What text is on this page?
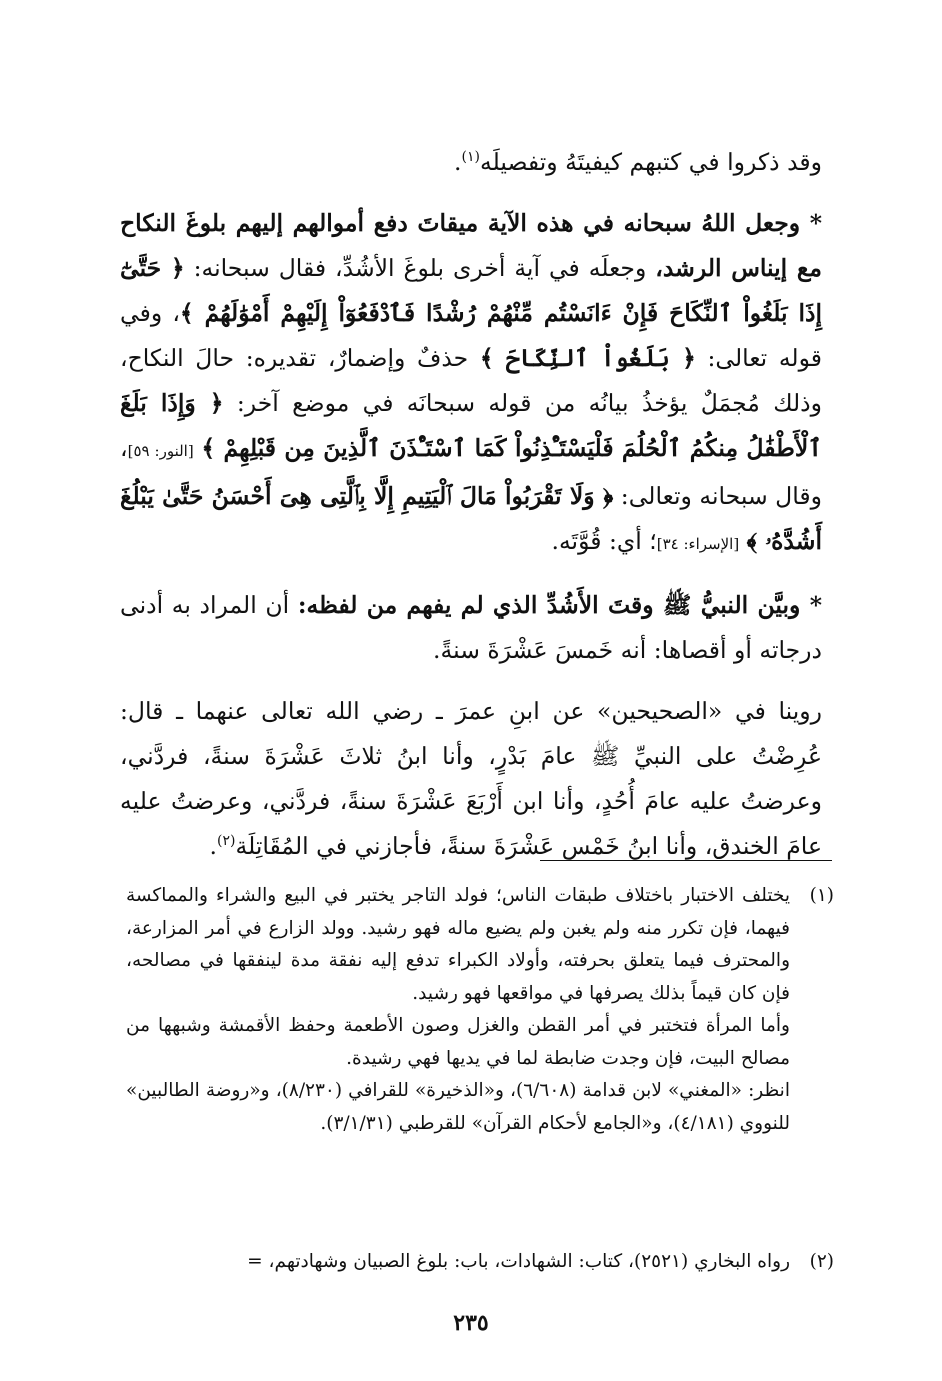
وقد ذكروا في كتبهم كيفيتَهُ وتفصيلَه$^{(١)}$.

* وجعل اللهُ سبحانه في هذه الآية ميقاتَ دفع أموالهم إليهم بلوغَ النكاح مع إيناس الرشد، وجعلَه في آية أخرى بلوغَ الأشُدِّ، فقال سبحانه: ﴿ حَتَّىٰٓ إِذَا بَلَغُواْ ٱلنِّكَاحَ فَإِنْ ءَانَسْتُم مِّنْهُمْ رُشْدًا فَٱدْفَعُوٓاْ إِلَيْهِمْ أَمْوَٰلَهُمْ ﴾، وفي قوله تعالى: ﴿ بَلَغُواْ ٱلنِّكَاحَ ﴾ حذفٌ وإضمارٌ، تقديره: حالَ النكاح، وذلك مُجمَلٌ يؤخذُ بيانُه من قوله سبحانَه في موضع آخر: ﴿ وَإِذَا بَلَغَ ٱلْأَطْفَٰلُ مِنكُمُ ٱلْحُلُمَ فَلْيَسْتَـْٔذِنُواْ كَمَا ٱسْتَـْٔذَنَ ٱلَّذِينَ مِن قَبْلِهِمْ ﴾ [النور: ٥٩]، وقال سبحانه وتعالى: ﴿ وَلَا تَقْرَبُواْ مَالَ ٱلْيَتِيمِ إِلَّا بِٱلَّتِى هِىَ أَحْسَنُ حَتَّىٰ يَبْلُغَ أَشُدَّهُۥ ﴾ [الإسراء: ٣٤]؛ أي: قُوَّتَه.

* وبيَّن النبيُّ ﷺ وقتَ الأَشُدِّ الذي لم يفهم من لفظه: أن المراد به أدنى درجاته أو أقصاها: أنه خَمسَ عَشْرَةَ سنةً.

روينا في «الصحيحين» عن ابنِ عمرَ ـ رضي الله تعالى عنهما ـ قال: عُرِضْتُ على النبيِّ ﷺ عامَ بَدْرٍ، وأنا ابنُ ثلاثَ عَشْرَةَ سنةً، فردَّني، وعرضتُ عليه عامَ أُحُدٍ، وأنا ابن أَرْبَعَ عَشْرَةَ سنةً، فردَّني، وعرضتُ عليه عامَ الخندق، وأنا ابنُ خَمْس عَشْرَةَ سنةً، فأجازني في المُقَاتِلَة$^{(٢)}$.

(١)
يختلف الاختبار باختلاف طبقات الناس؛ فولد التاجر يختبر في البيع والشراء والمماكسة فيهما، فإن تكرر منه ولم يغبن ولم يضيع ماله فهو رشيد. وولد الزارع في أمر المزارعة، والمحترف فيما يتعلق بحرفته، وأولاد الكبراء تدفع إليه نفقة مدة لينفقها في مصالحه، فإن كان قيماً بذلك يصرفها في مواقعها فهو رشيد.
وأما المرأة فتختبر في أمر القطن والغزل وصون الأطعمة وحفظ الأقمشة وشبهها من مصالح البيت، فإن وجدت ضابطة لما في يديها فهي رشيدة.
انظر: «المغني» لابن قدامة (٦/٦٠٨)، و«الذخيرة» للقرافي (٨/٢٣٠)، و«روضة الطالبين» للنووي (٤/١٨١)، و«الجامع لأحكام القرآن» للقرطبي (٣/١/٣١).
(٢)
رواه البخاري (٢٥٢١)، كتاب: الشهادات، باب: بلوغ الصبيان وشهادتهم، =
٢٣٥
